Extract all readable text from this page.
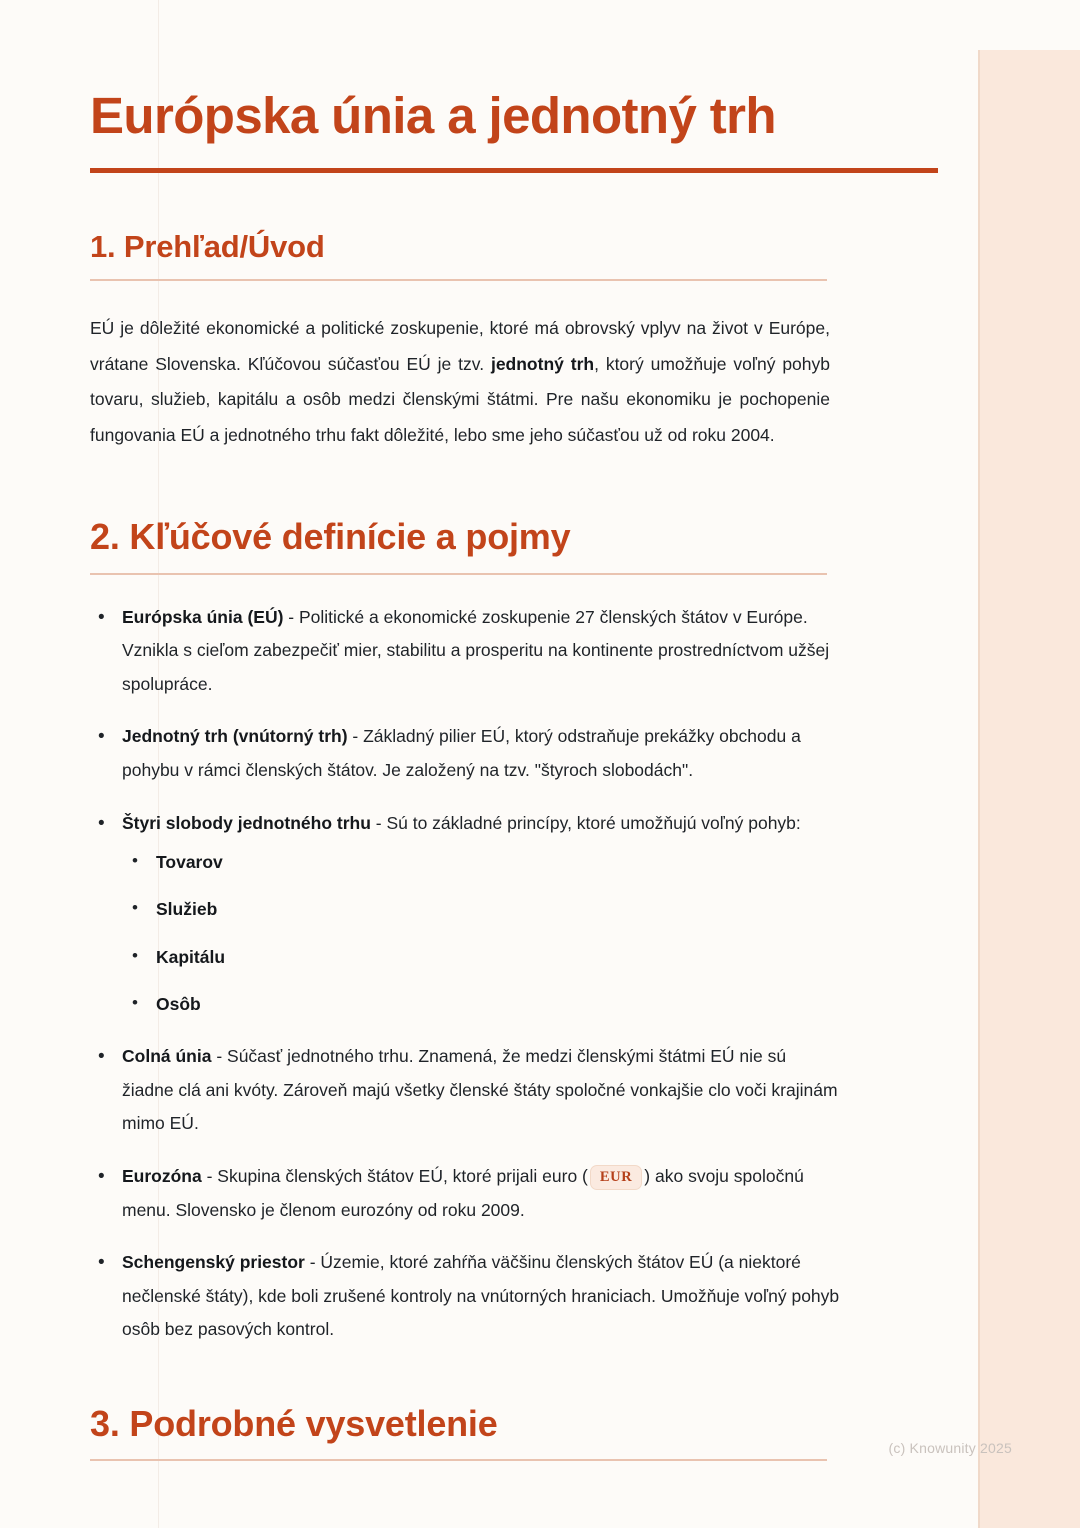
Európska únia a jednotný trh
1. Prehľad/Úvod

EÚ je dôležité ekonomické a politické zoskupenie, ktoré má obrovský vplyv na život v Európe, vrátane Slovenska. Kľúčovou súčasťou EÚ je tzv. jednotný trh, ktorý umožňuje voľný pohyb tovaru, služieb, kapitálu a osôb medzi členskými štátmi. Pre našu ekonomiku je pochopenie fungovania EÚ a jednotného trhu fakt dôležité, lebo sme jeho súčasťou už od roku 2004.

2. Kľúčové definície a pojmy
• Európska únia (EÚ) - Politické a ekonomické zoskupenie 27 členských štátov v Európe. Vznikla s cieľom zabezpečiť mier, stabilitu a prosperitu na kontinente prostredníctvom užšej spolupráce.
• Jednotný trh (vnútorný trh) - Základný pilier EÚ, ktorý odstraňuje prekážky obchodu a pohybu v rámci členských štátov. Je založený na tzv. "štyroch slobodách".
• Štyri slobody jednotného trhu - Sú to základné princípy, ktoré umožňujú voľný pohyb:
• Tovarov
• Služieb
• Kapitálu
• Osôb
• Colná únia - Súčasť jednotného trhu. Znamená, že medzi členskými štátmi EÚ nie sú žiadne clá ani kvóty. Zároveň majú všetky členské štáty spoločné vonkajšie clo voči krajinám mimo EÚ.
• Eurozóna - Skupina členských štátov EÚ, ktoré prijali euro ( EUR ) ako svoju spoločnú menu. Slovensko je členom eurozóny od roku 2009.
• Schengenský priestor - Územie, ktoré zahŕňa väčšinu členských štátov EÚ (a niektoré nečlenské štáty), kde boli zrušené kontroly na vnútorných hraniciach. Umožňuje voľný pohyb osôb bez pasových kontrol.
3. Podrobné vysvetlenie
(c) Knowunity 2025
